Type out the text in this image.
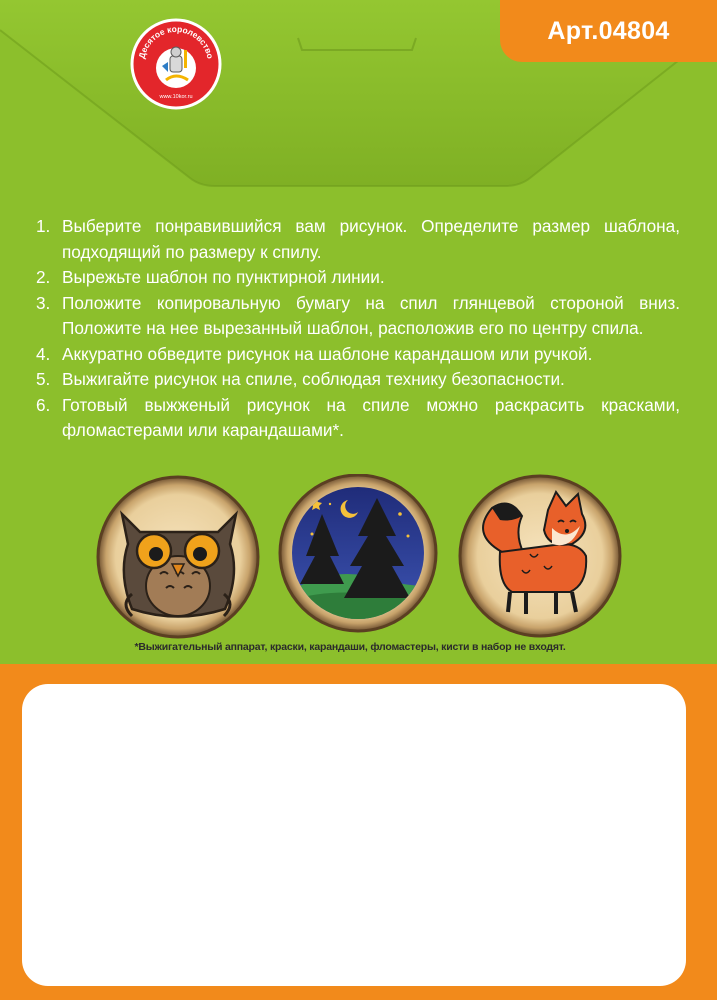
Десятое королевство
www.10kor.ru
Арт.04804
1. Выберите понравившийся вам рисунок. Определите размер шаблона, подходящий по размеру к спилу.
2. Вырежьте шаблон по пунктирной линии.
3. Положите копировальную бумагу на спил глянцевой стороной вниз. Положите на нее вырезанный шаблон, расположив его по центру спила.
4. Аккуратно обведите рисунок на шаблоне карандашом или ручкой.
5. Выжигайте рисунок на спиле, соблюдая технику безопасности.
6. Готовый выжженый рисунок на спиле можно раскрасить красками, фломастерами или карандашами*.
*Выжигательный аппарат, краски, карандаши, фломастеры, кисти в набор не входят.
